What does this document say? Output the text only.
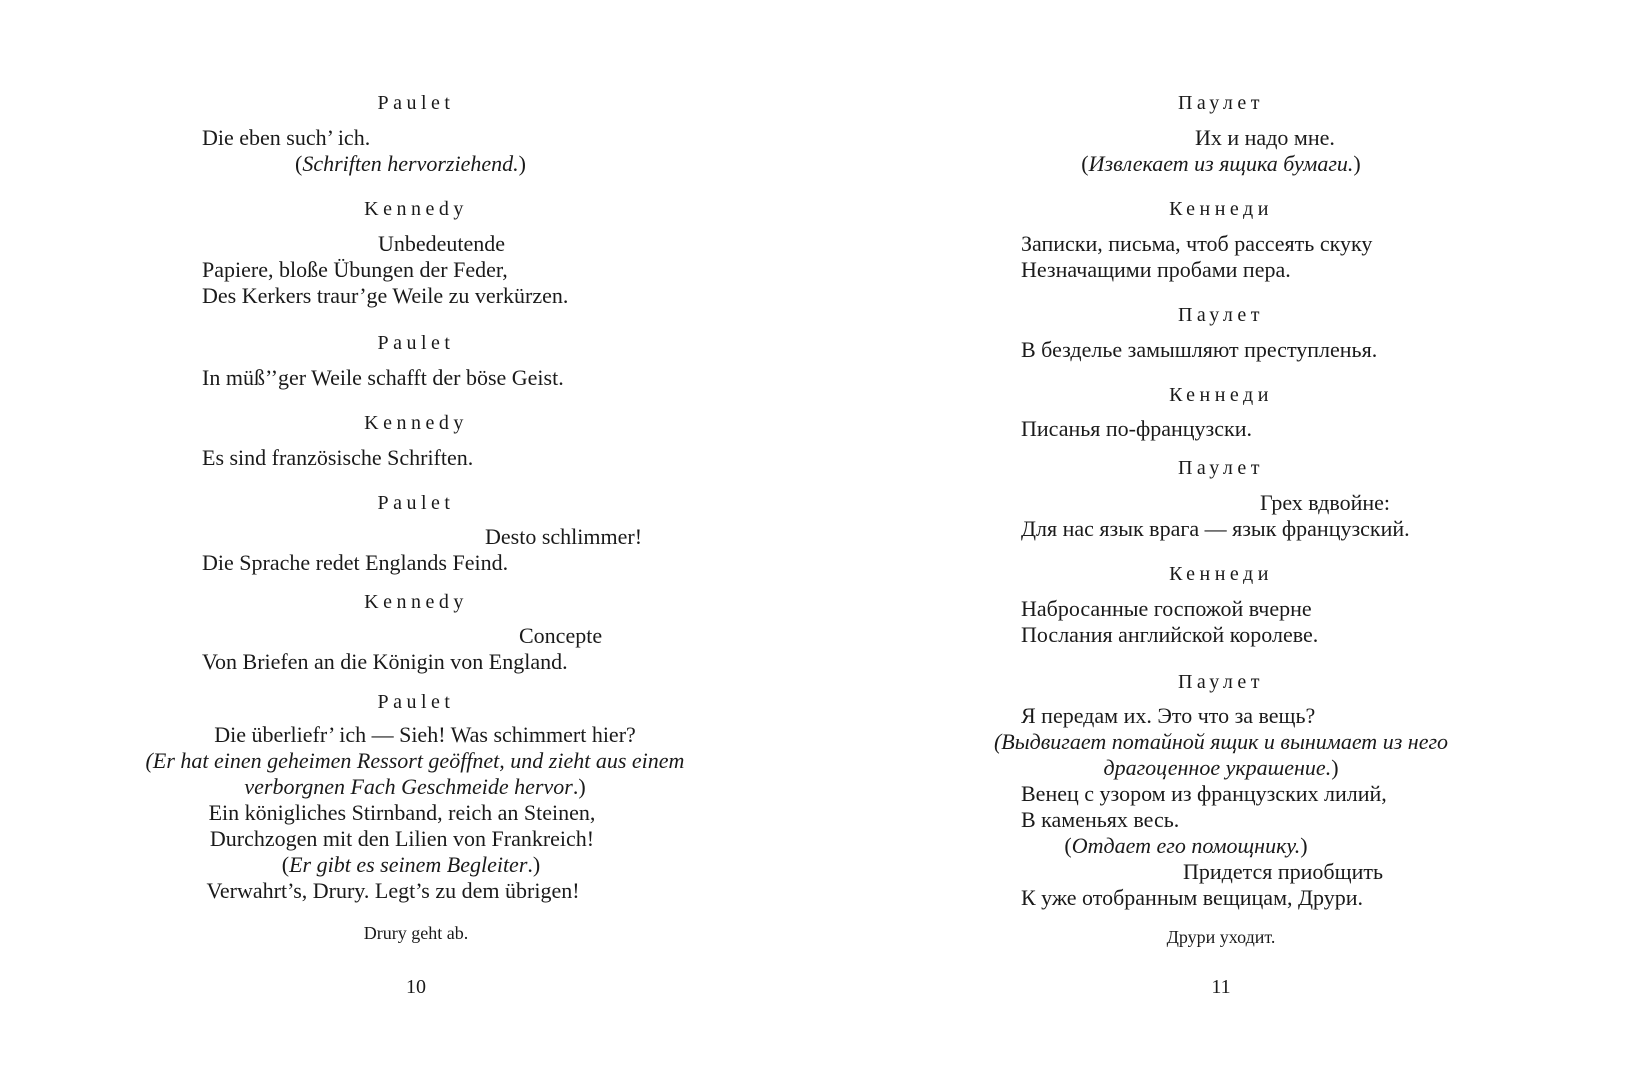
Paulet
Die eben such’ ich.
(Schriften hervorziehend.)
Kennedy
Unbedeutende
Papiere, bloße Übungen der Feder,
Des Kerkers traur’ge Weile zu verkürzen.
Paulet
In müß’’ger Weile schafft der böse Geist.
Kennedy
Es sind französische Schriften.
Paulet
Desto schlimmer!
Die Sprache redet Englands Feind.
Kennedy
Concepte
Von Briefen an die Königin von England.
Paulet
Die überliefr’ ich — Sieh! Was schimmert hier?
(Er hat einen geheimen Ressort geöffnet, und zieht aus einem
verborgnen Fach Geschmeide hervor.)
Ein königliches Stirnband, reich an Steinen,
Durchzogen mit den Lilien von Frankreich!
(Er gibt es seinem Begleiter.)
Verwahrt’s, Drury. Legt’s zu dem übrigen!
Drury geht ab.
10
Паулет
Их и надо мне.
(Извлекает из ящика бумаги.)
Кеннеди
Записки, письма, чтоб рассеять скуку
Незначащими пробами пера.
Паулет
В безделье замышляют преступленья.
Кеннеди
Писанья по-французски.
Паулет
Грех вдвойне:
Для нас язык врага — язык французский.
Кеннеди
Набросанные госпожой вчерне
Послания английской королеве.
Паулет
Я передам их. Это что за вещь?
(Выдвигает потайной ящик и вынимает из него
драгоценное украшение.)
Венец с узором из французских лилий,
В каменьях весь.
(Отдает его помощнику.)
Придется приобщить
К уже отобранным вещицам, Друри.
Друри уходит.
11
